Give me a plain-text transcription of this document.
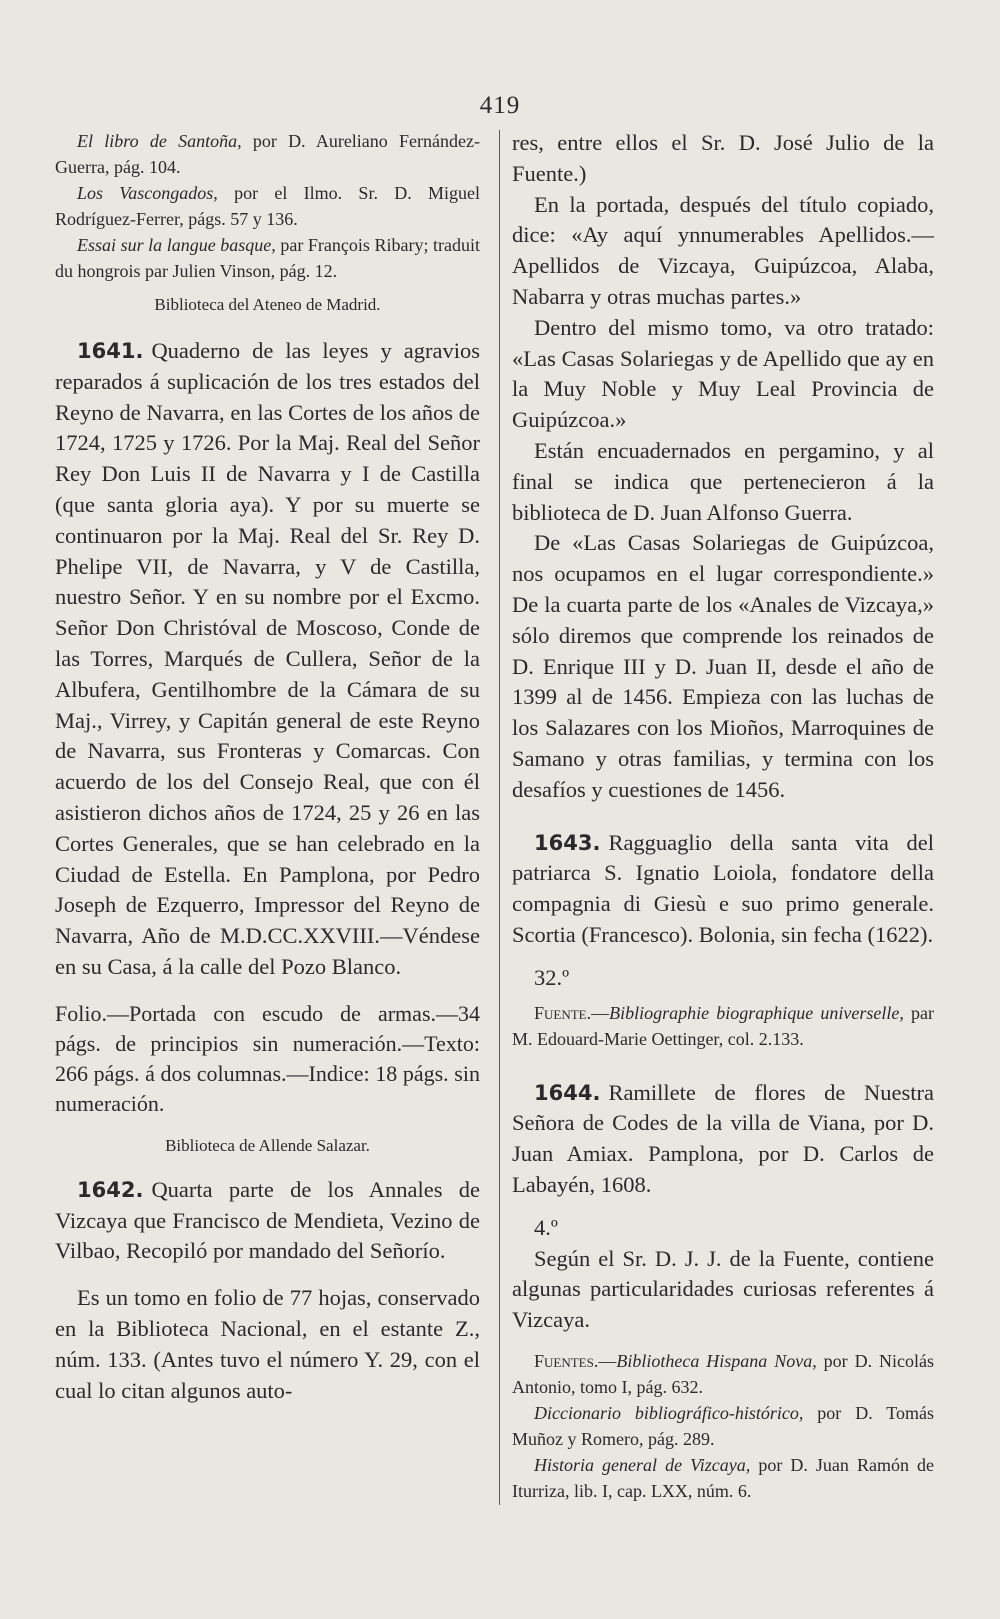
419

El libro de Santoña, por D. Aureliano Fernández-Guerra, pág. 104.

Los Vascongados, por el Ilmo. Sr. D. Miguel Rodríguez-Ferrer, págs. 57 y 136.

Essai sur la langue basque, par François Ribary; traduit du hongrois par Julien Vinson, pág. 12.

Biblioteca del Ateneo de Madrid.

1641. Quaderno de las leyes y agravios reparados á suplicación de los tres estados del Reyno de Navarra, en las Cortes de los años de 1724, 1725 y 1726. Por la Maj. Real del Señor Rey Don Luis II de Navarra y I de Castilla (que santa gloria aya). Y por su muerte se continuaron por la Maj. Real del Sr. Rey D. Phelipe VII, de Navarra, y V de Castilla, nuestro Señor. Y en su nombre por el Excmo. Señor Don Christóval de Moscoso, Conde de las Torres, Marqués de Cullera, Señor de la Albufera, Gentilhombre de la Cámara de su Maj., Virrey, y Capitán general de este Reyno de Navarra, sus Fronteras y Comarcas. Con acuerdo de los del Consejo Real, que con él asistieron dichos años de 1724, 25 y 26 en las Cortes Generales, que se han celebrado en la Ciudad de Estella. En Pamplona, por Pedro Joseph de Ezquerro, Impressor del Reyno de Navarra, Año de M.D.CC.XXVIII.—Véndese en su Casa, á la calle del Pozo Blanco.

Folio.—Portada con escudo de armas.—34 págs. de principios sin numeración.—Texto: 266 págs. á dos columnas.—Indice: 18 págs. sin numeración.

Biblioteca de Allende Salazar.

1642. Quarta parte de los Annales de Vizcaya que Francisco de Mendieta, Vezino de Vilbao, Recopiló por mandado del Señorío.

Es un tomo en folio de 77 hojas, conservado en la Biblioteca Nacional, en el estante Z., núm. 133. (Antes tuvo el número Y. 29, con el cual lo citan algunos auto-

res, entre ellos el Sr. D. José Julio de la Fuente.)

En la portada, después del título copiado, dice: «Ay aquí ynnumerables Apellidos.—Apellidos de Vizcaya, Guipúzcoa, Alaba, Nabarra y otras muchas partes.»

Dentro del mismo tomo, va otro tratado: «Las Casas Solariegas y de Apellido que ay en la Muy Noble y Muy Leal Provincia de Guipúzcoa.»

Están encuadernados en pergamino, y al final se indica que pertenecieron á la biblioteca de D. Juan Alfonso Guerra.

De «Las Casas Solariegas de Guipúzcoa, nos ocupamos en el lugar correspondiente.» De la cuarta parte de los «Anales de Vizcaya,» sólo diremos que comprende los reinados de D. Enrique III y D. Juan II, desde el año de 1399 al de 1456. Empieza con las luchas de los Salazares con los Mioños, Marroquines de Samano y otras familias, y termina con los desafíos y cuestiones de 1456.

1643. Ragguaglio della santa vita del patriarca S. Ignatio Loiola, fondatore della compagnia di Giesù e suo primo generale. Scortia (Francesco). Bolonia, sin fecha (1622).

32.º

Fuente.—Bibliographie biographique universelle, par M. Edouard-Marie Oettinger, col. 2.133.

1644. Ramillete de flores de Nuestra Señora de Codes de la villa de Viana, por D. Juan Amiax. Pamplona, por D. Carlos de Labayén, 1608.

4.º

Según el Sr. D. J. J. de la Fuente, contiene algunas particularidades curiosas referentes á Vizcaya.

Fuentes.—Bibliotheca Hispana Nova, por D. Nicolás Antonio, tomo I, pág. 632.

Diccionario bibliográfico-histórico, por D. Tomás Muñoz y Romero, pág. 289.

Historia general de Vizcaya, por D. Juan Ramón de Iturriza, lib. I, cap. LXX, núm. 6.
